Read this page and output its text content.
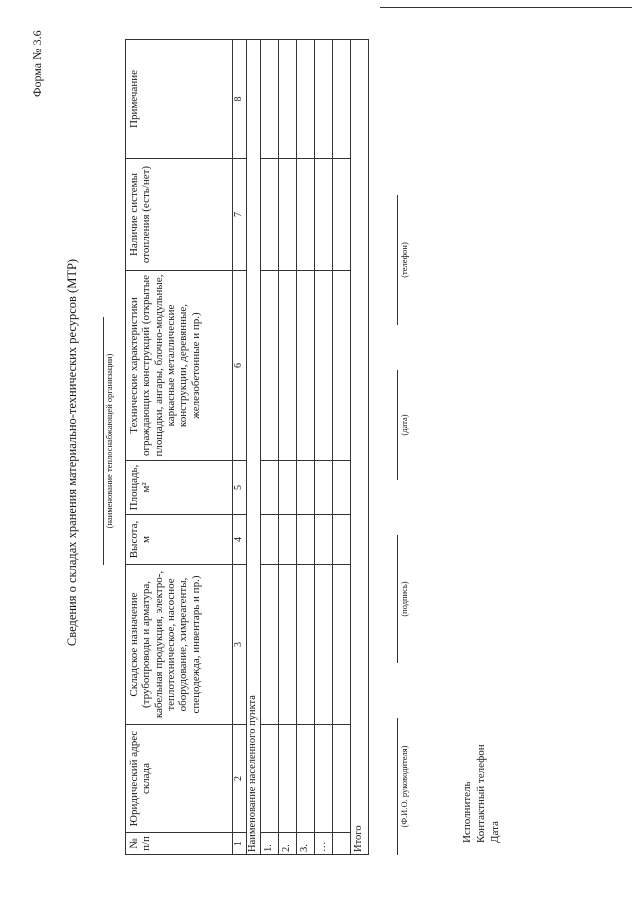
Форма № 3.6
Сведения о складах хранения материально-технических ресурсов (МТР)	(наименование теплоснабжающей организации)
№ п/п	Юридический адрес склада	Складское назначение (трубопроводы и арматура, кабельная продукция, электро-, теплотехническое, насосное оборудование, химреагенты, спецодежда, инвентарь и пр.)	Высота, м	Площадь, м²	Технические характеристики ограждающих конструкций (открытые площадки, ангары, блочно-модульные, каркасные металлические конструкции, деревянные, железобетонные и пр.)	Наличие системы отопления (есть/нет)	Примечание
1	2	3	4	5	6	7	8
Наименование населенного пункта							
1.							
2.							
3.							
…							

Итого							
(Ф.И.О. руководителя)
(подпись)
(дата)
(телефон)
Исполнитель Контактный телефон Дата
